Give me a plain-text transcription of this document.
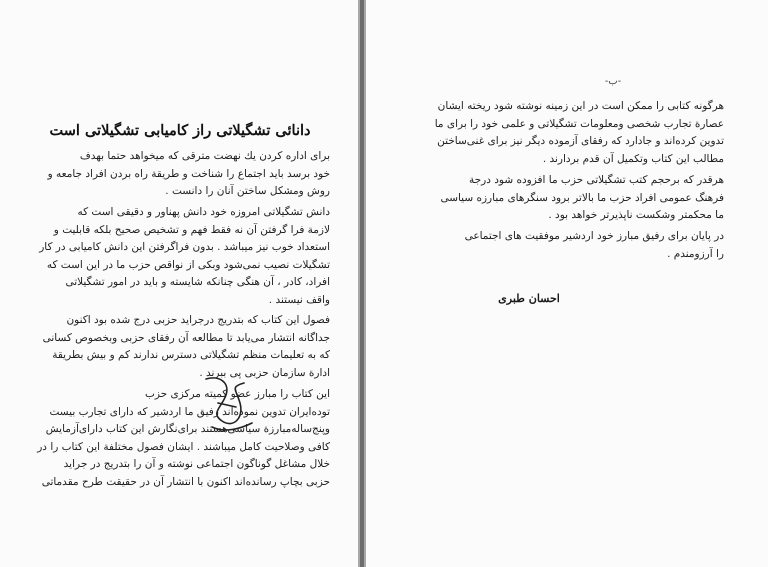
دانائی تشگیلاتی راز کامیابی تشگیلاتی است
برای اداره کردن یك نهضت مترقی که میخواهد حتما بهدف
خود برسد باید اجتماع را شناخت و طریقة راه بردن افراد جامعه و
روش ومشکل ساختن آنان را دانست .
دانش تشگیلاتی امروزه خود دانش پهناور و دقیقی است که
لازمة فرا گرفتن آن نه فقط فهم و تشخیص صحیح بلکه قابلیت و
استعداد خوب نیز میباشد . بدون فراگرفتن این دانش کامیابی در کار
تشگیلات نصیب نمی‌شود وبکی از نواقص حزب ما در این است که
افراد، کادر ، آن هنگی چنانکه شایسته و باید در امور تشگیلاتی
واقف نیستند .
فصول این کتاب که بتدریج درجراید حزبی درج شده بود اکنون
جداگانه انتشار می‌یابد تا مطالعه آن رفقای حزبی وبخصوص کسانی
که به تعلیمات منظم تشگیلاتی دسترس ندارند کم و بیش بطریقة
ادارة سازمان حزبی پی ببرند .
این کتاب را مبارز عضو کمیته مرکزی حزب
توده‌ایران تدوین نموده‌اند رفیق ما اردشیر که دارای تجارب بیست
وپنج‌ساله‌مبارزة سیاسی‌هستند برای‌نگارش این کتاب دارای‌آزمایش
کافی وصلاحیت کامل میباشند . ایشان فصول مختلفة این کتاب را در
خلال مشاغل گوناگون اجتماعی نوشته و آن را بتدریج در جراید
حزبی بچاپ رسانده‌اند اکنون با انتشار آن در حقیقت طرح مقدماتی
-ب-
هرگونه کتابی را ممکن است در این زمینه نوشته شود ریخته ایشان
عصارة تجارب شخصی ومعلومات تشگیلاتی و علمی خود را برای ما
تدوین کرده‌اند و جادارد که رفقای آزموده دیگر نیز برای غنی‌ساختن
مطالب این کتاب وتکمیل آن قدم بردارند .
هرقدر که برحجم کتب تشگیلاتی حزب ما افزوده شود درجة
فرهنگ عمومی افراد حزب ما بالاتر برود سنگرهای مبارزه سیاسی
ما محکمتر وشکست ناپذیرتر خواهد بود .
در پایان برای رفیق مبارز خود اردشیر موفقیت های اجتماعی
را آرزومندم .
احسان طبری
